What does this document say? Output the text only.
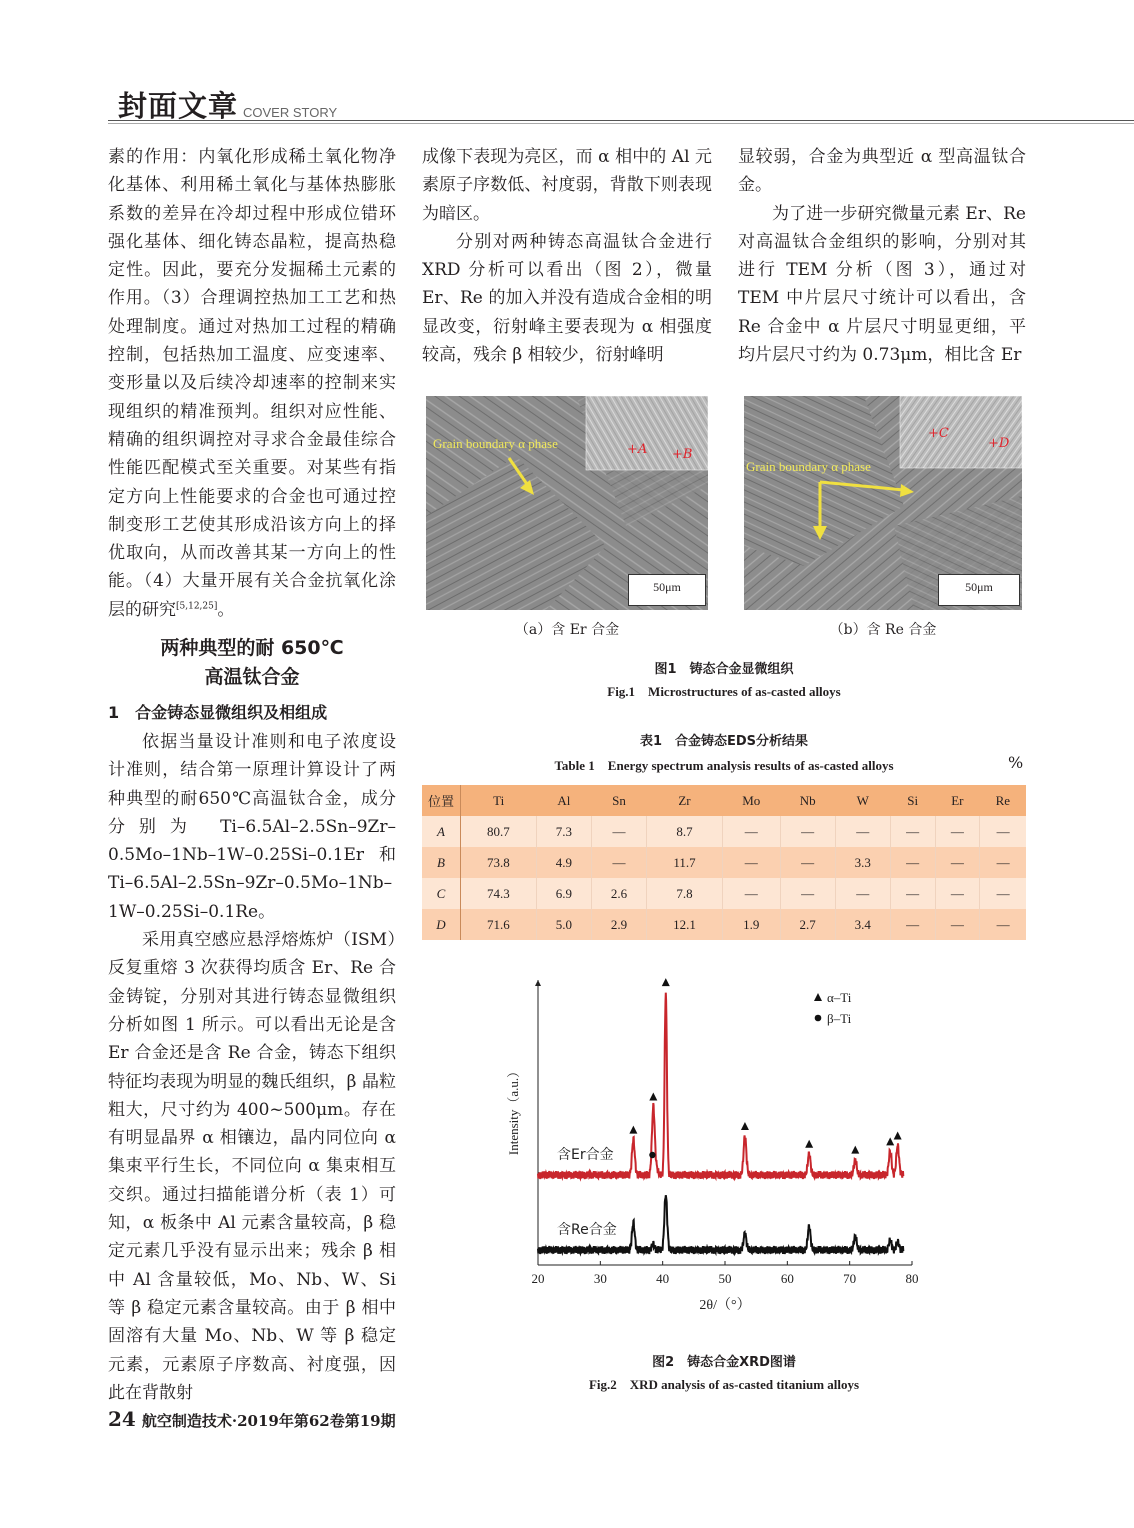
封面文章 COVER STORY

素的作用：内氧化形成稀土氧化物净化基体、利用稀土氧化与基体热膨胀系数的差异在冷却过程中形成位错环强化基体、细化铸态晶粒，提高热稳定性。因此，要充分发掘稀土元素的作用。（3）合理调控热加工工艺和热处理制度。通过对热加工过程的精确控制，包括热加工温度、应变速率、变形量以及后续冷却速率的控制来实现组织的精准预判。组织对应性能、精确的组织调控对寻求合金最佳综合性能匹配模式至关重要。对某些有指定方向上性能要求的合金也可通过控制变形工艺使其形成沿该方向上的择优取向，从而改善其某一方向上的性能。（4）大量开展有关合金抗氧化涂层的研究[5,12,25]。

两种典型的耐 650℃
高温钛合金
1　合金铸态显微组织及相组成

依据当量设计准则和电子浓度设计准则，结合第一原理计算设计了两种典型的耐650℃高温钛合金，成分分别为 Ti–6.5Al–2.5Sn–9Zr–0.5Mo–1Nb–1W–0.25Si–0.1Er 和 Ti–6.5Al–2.5Sn–9Zr–0.5Mo–1Nb–1W–0.25Si–0.1Re。

采用真空感应悬浮熔炼炉（ISM）反复重熔 3 次获得均质含 Er、Re 合金铸锭，分别对其进行铸态显微组织分析如图 1 所示。可以看出无论是含 Er 合金还是含 Re 合金，铸态下组织特征均表现为明显的魏氏组织，β 晶粒粗大，尺寸约为 400~500μm。存在有明显晶界 α 相镶边，晶内同位向 α 集束平行生长，不同位向 α 集束相互交织。通过扫描能谱分析（表 1）可知，α 板条中 Al 元素含量较高，β 稳定元素几乎没有显示出来；残余 β 相中 Al 含量较低，Mo、Nb、W、Si 等 β 稳定元素含量较高。由于 β 相中固溶有大量 Mo、Nb、W 等 β 稳定元素，元素原子序数高、衬度强，因此在背散射

成像下表现为亮区，而 α 相中的 Al 元素原子序数低、衬度弱，背散下则表现为暗区。

分别对两种铸态高温钛合金进行 XRD 分析可以看出（图 2），微量 Er、Re 的加入并没有造成合金相的明显改变，衍射峰主要表现为 α 相强度较高，残余 β 相较少，衍射峰明

显较弱，合金为典型近 α 型高温钛合金。

为了进一步研究微量元素 Er、Re 对高温钛合金组织的影响，分别对其进行 TEM 分析（图 3），通过对 TEM 中片层尺寸统计可以看出，含 Re 合金中 α 片层尺寸明显更细，平均片层尺寸约为 0.73μm，相比含 Er

Grain boundary α phase	+A +B
50μm
（a）含 Er 合金
Grain boundary α phase
+C
+D
50μm
（b）含 Re 合金
图1　铸态合金显微组织
Fig.1　Microstructures of as-casted alloys
表1　合金铸态EDS分析结果
Table 1　Energy spectrum analysis results of as-casted alloys	%
位置	Ti	Al	Sn	Zr	Mo	Nb	W	Si	Er	Re
A	80.7	7.3	—	8.7	—	—	—	—	—	—
B	73.8	4.9	—	11.7	—	—	3.3	—	—	—
C	74.3	6.9	2.6	7.8	—	—	—	—	—	—
D	71.6	5.0	2.9	12.1	1.9	2.7	3.4	—	—	—
20	30	40	50	60	70	80
2θ/（°）
Intensity（a.u.）	含Er合金
含Re合金
α–Ti
β–Ti
图2　铸态合金XRD图谱
Fig.2　XRD analysis of as-casted titanium alloys
24 航空制造技术·2019年第62卷第19期
